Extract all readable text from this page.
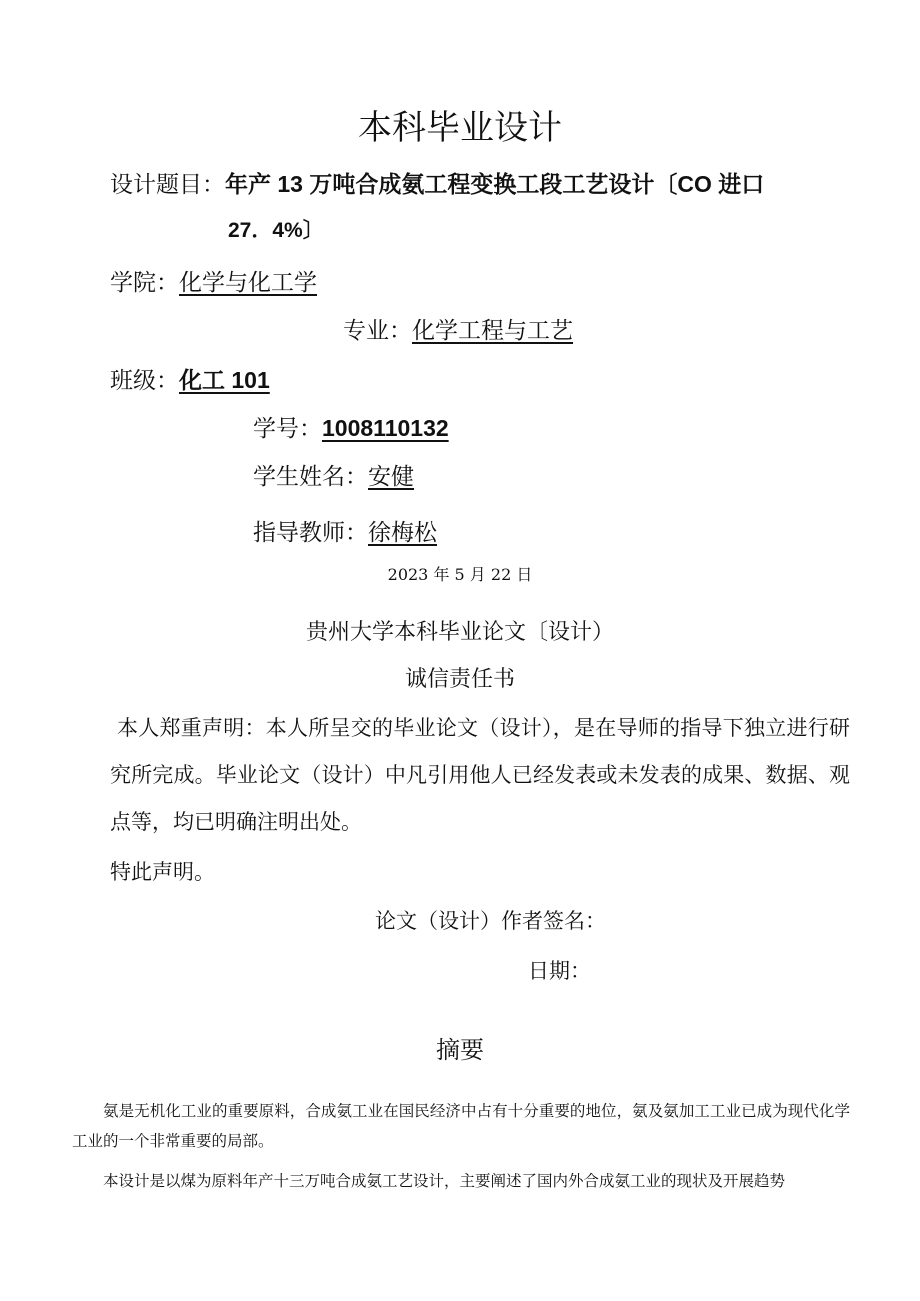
本科毕业设计
设计题目：年产 13 万吨合成氨工程变换工段工艺设计〔CO 进口
27．4%〕
学院：化学与化工学
专业：化学工程与工艺
班级：化工 101
学号：1008110132
学生姓名：安健
指导教师：徐梅松
2023 年 5 月 22 日
贵州大学本科毕业论文〔设计）
诚信责任书

本人郑重声明：本人所呈交的毕业论文（设计），是在导师的指导下独立进行研究所完成。毕业论文（设计）中凡引用他人已经发表或未发表的成果、数据、观点等，均已明确注明出处。

特此声明。
论文（设计）作者签名：
日期：
摘要

氨是无机化工业的重要原料，合成氨工业在国民经济中占有十分重要的地位，氨及氨加工工业已成为现代化学工业的一个非常重要的局部。

本设计是以煤为原料年产十三万吨合成氨工艺设计，主要阐述了国内外合成氨工业的现状及开展趋势
